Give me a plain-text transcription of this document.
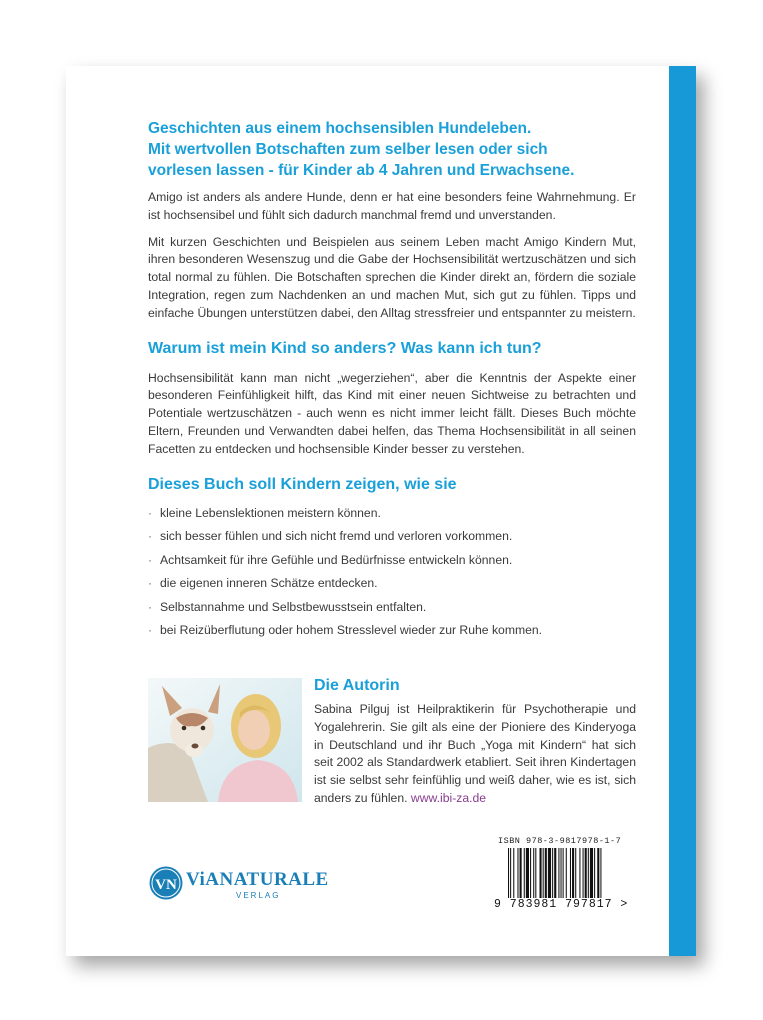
Geschichten aus einem hochsensiblen Hundeleben.

Mit wertvollen Botschaften zum selber lesen oder sich

vorlesen lassen - für Kinder ab 4 Jahren und Erwachsene.

Amigo ist anders als andere Hunde, denn er hat eine besonders feine Wahrnehmung. Er ist hochsensibel und fühlt sich dadurch manchmal fremd und unverstanden.

Mit kurzen Geschichten und Beispielen aus seinem Leben macht Amigo Kindern Mut, ihren besonderen Wesenszug und die Gabe der Hochsensibilität wertzuschätzen und sich total normal zu fühlen. Die Botschaften sprechen die Kinder direkt an, fördern die soziale Integration, regen zum Nachdenken an und machen Mut, sich gut zu fühlen. Tipps und einfache Übungen unterstützen dabei, den Alltag stressfreier und entspannter zu meistern.

Warum ist mein Kind so anders? Was kann ich tun?

Hochsensibilität kann man nicht „wegerziehen“, aber die Kenntnis der Aspekte einer besonderen Feinfühligkeit hilft, das Kind mit einer neuen Sichtweise zu betrachten und Potentiale wertzuschätzen - auch wenn es nicht immer leicht fällt. Dieses Buch möchte Eltern, Freunden und Verwandten dabei helfen, das Thema Hochsensibilität in all seinen Facetten zu entdecken und hochsensible Kinder besser zu verstehen.

Dieses Buch soll Kindern zeigen, wie sie

· kleine Lebenslektionen meistern können.
· sich besser fühlen und sich nicht fremd und verloren vorkommen.
· Achtsamkeit für ihre Gefühle und Bedürfnisse entwickeln können.
· die eigenen inneren Schätze entdecken.
· Selbstannahme und Selbstbewusstsein entfalten.
· bei Reizüberflutung oder hohem Stresslevel wieder zur Ruhe kommen.

Die Autorin

Sabina Pilguj ist Heilpraktikerin für Psychotherapie und Yogalehrerin. Sie gilt als eine der Pioniere des Kinderyoga in Deutschland und ihr Buch „Yoga mit Kindern“ hat sich seit 2002 als Standardwerk etabliert. Seit ihren Kindertagen ist sie selbst sehr feinfühlig und weiß daher, wie es ist, sich anders zu fühlen. www.ibi-za.de

VN ViANATURALE
VERLAG
ISBN 978-3-9817978-1-7
9 783981 797817 >
